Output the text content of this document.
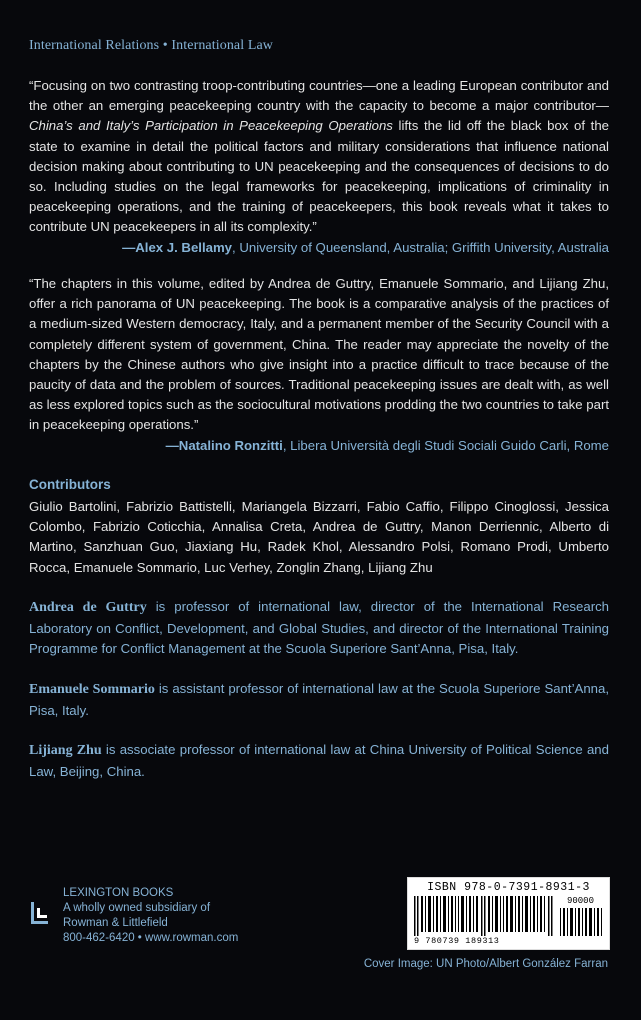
International Relations • International Law

“Focusing on two contrasting troop-contributing countries—one a leading European contributor and the other an emerging peacekeeping country with the capacity to become a major contributor—China’s and Italy’s Participation in Peacekeeping Operations lifts the lid off the black box of the state to examine in detail the political factors and military considerations that influence national decision making about contributing to UN peacekeeping and the consequences of decisions to do so. Including studies on the legal frameworks for peacekeeping, implications of criminality in peacekeeping operations, and the training of peacekeepers, this book reveals what it takes to contribute UN peacekeepers in all its complexity.”

—Alex J. Bellamy, University of Queensland, Australia; Griffith University, Australia

“The chapters in this volume, edited by Andrea de Guttry, Emanuele Sommario, and Lijiang Zhu, offer a rich panorama of UN peacekeeping. The book is a comparative analysis of the practices of a medium-sized Western democracy, Italy, and a permanent member of the Security Council with a completely different system of government, China. The reader may appreciate the novelty of the chapters by the Chinese authors who give insight into a practice difficult to trace because of the paucity of data and the problem of sources. Traditional peacekeeping issues are dealt with, as well as less explored topics such as the sociocultural motivations prodding the two countries to take part in peacekeeping operations.”

—Natalino Ronzitti, Libera Università degli Studi Sociali Guido Carli, Rome

Contributors

Giulio Bartolini, Fabrizio Battistelli, Mariangela Bizzarri, Fabio Caffio, Filippo Cinoglossi, Jessica Colombo, Fabrizio Coticchia, Annalisa Creta, Andrea de Guttry, Manon Derriennic, Alberto di Martino, Sanzhuan Guo, Jiaxiang Hu, Radek Khol, Alessandro Polsi, Romano Prodi, Umberto Rocca, Emanuele Sommario, Luc Verhey, Zonglin Zhang, Lijiang Zhu

Andrea de Guttry is professor of international law, director of the International Research Laboratory on Conflict, Development, and Global Studies, and director of the International Training Programme for Conflict Management at the Scuola Superiore Sant’Anna, Pisa, Italy.

Emanuele Sommario is assistant professor of international law at the Scuola Superiore Sant’Anna, Pisa, Italy.

Lijiang Zhu is associate professor of international law at China University of Political Science and Law, Beijing, China.

LEXINGTON BOOKS
A wholly owned subsidiary of
Rowman & Littlefield
800-462-6420 • www.rowman.com
ISBN 978-0-7391-8931-3
90000
9 780739 189313
Cover Image: UN Photo/Albert González Farran
